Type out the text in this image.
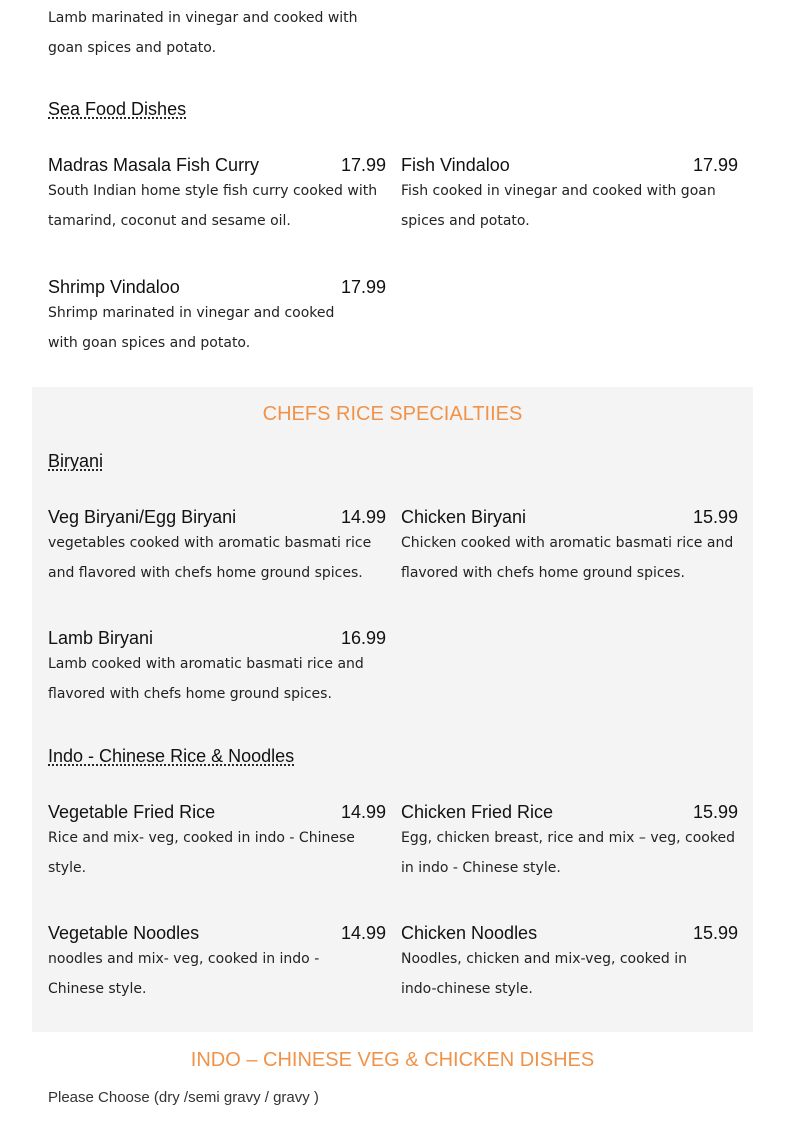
Lamb marinated in vinegar and cooked with goan spices and potato.
Sea Food Dishes
Madras Masala Fish Curry	17.99
South Indian home style fish curry cooked with tamarind, coconut and sesame oil.
Fish Vindaloo	17.99
Fish cooked in vinegar and cooked with goan spices and potato.
Shrimp Vindaloo	17.99
Shrimp marinated in vinegar and cooked with goan spices and potato.
CHEFS RICE SPECIALTIIES
Biryani
Veg Biryani/Egg Biryani	14.99
vegetables cooked with aromatic basmati rice and flavored with chefs home ground spices.
Chicken Biryani	15.99
Chicken cooked with aromatic basmati rice and flavored with chefs home ground spices.
Lamb Biryani	16.99
Lamb cooked with aromatic basmati rice and flavored with chefs home ground spices.
Indo - Chinese Rice & Noodles
Vegetable Fried Rice	14.99
Rice and mix- veg, cooked in indo - Chinese style.
Chicken Fried Rice	15.99
Egg, chicken breast, rice and mix – veg, cooked in indo - Chinese style.
Vegetable Noodles	14.99
noodles and mix- veg, cooked in indo - Chinese style.
Chicken Noodles	15.99
Noodles, chicken and mix-veg, cooked in indo-chinese style.
INDO – CHINESE VEG & CHICKEN DISHES
Please Choose (dry /semi gravy / gravy )
